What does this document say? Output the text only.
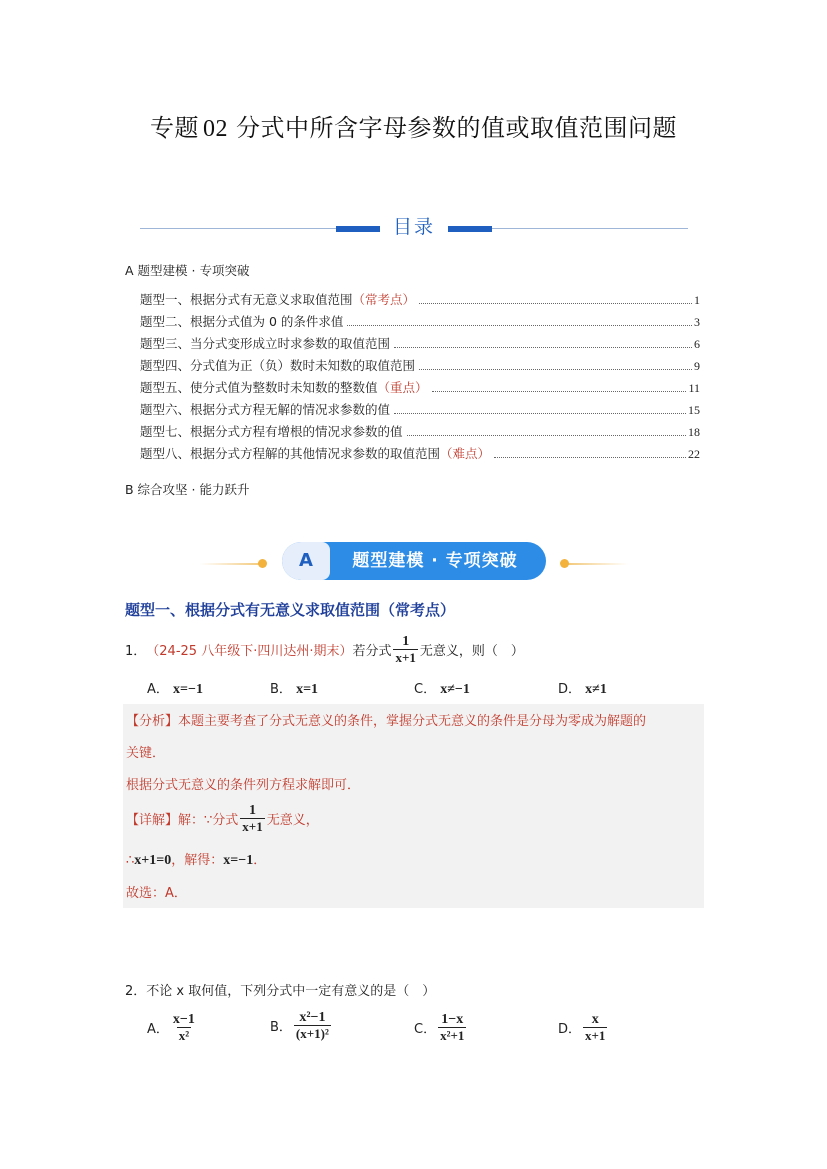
专题 02 分式中所含字母参数的值或取值范围问题
目录
A 题型建模 · 专项突破
题型一、根据分式有无意义求取值范围 （常考点）	1
题型二、根据分式值为 0 的条件求值	3
题型三、当分式变形成立时求参数的取值范围	6
题型四、分式值为正（负）数时未知数的取值范围	9
题型五、使分式值为整数时未知数的整数值 （重点）	11
题型六、根据分式方程无解的情况求参数的值	15
题型七、根据分式方程有增根的情况求参数的值	18
题型八、根据分式方程解的其他情况求参数的取值范围 （难点）	22
B 综合攻坚 · 能力跃升
A	题型建模 · 专项突破
题型一、根据分式有无意义求取值范围（常考点）
1． （24-25 八年级下·四川达州·期末） 若分式 $\frac{1}{x+1}$ 无意义，则（　）
A． x=−1	B． x=1	C． x≠−1	D． x≠1
【分析】本题主要考查了分式无意义的条件，掌握分式无意义的条件是分母为零成为解题的
关键．
根据分式无意义的条件列方程求解即可．
【详解】解：∵分式 $\frac{1}{x+1}$ 无意义，
∴x+1=0，解得：x=−1．
故选：A．
2．不论 x 取何值，下列分式中一定有意义的是（　）
A． $\frac{x-1}{\text{x²}}$	B． $\frac{\text{x²−1}}{\text{(x+1)²}}$	C． $\frac{1-x}{\text{x²+1}}$	D． $\frac{x}{x+1}$
